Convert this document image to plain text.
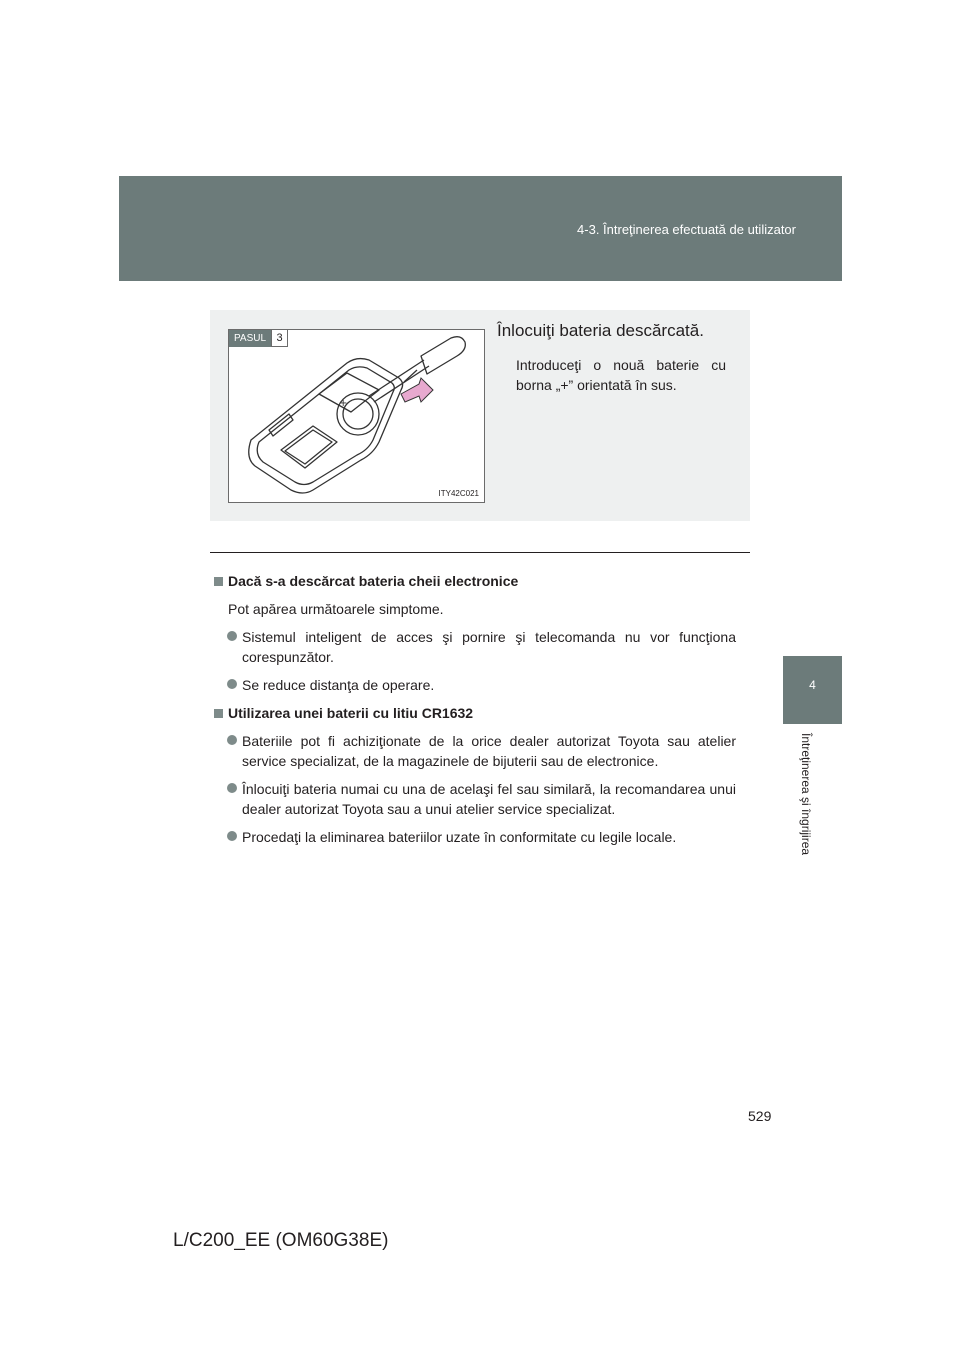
4-3. Întreţinerea efectuată de utilizator
4
Întreţinerea şi îngrijirea
+
PASUL 3
ITY42C021
Înlocuiţi bateria descărcată.
Introduceţi o nouă baterie cu borna „+” orientată în sus.
Dacă s-a descărcat bateria cheii electronice
Pot apărea următoarele simptome.
Sistemul inteligent de acces şi pornire şi telecomanda nu vor funcţiona corespunzător.
Se reduce distanţa de operare.
Utilizarea unei baterii cu litiu CR1632
Bateriile pot fi achiziţionate de la orice dealer autorizat Toyota sau atelier service specializat, de la magazinele de bijuterii sau de electronice.
Înlocuiţi bateria numai cu una de acelaşi fel sau similară, la recomandarea unui dealer autorizat Toyota sau a unui atelier service specializat.
Procedaţi la eliminarea bateriilor uzate în conformitate cu legile locale.
529
L/C200_EE (OM60G38E)
